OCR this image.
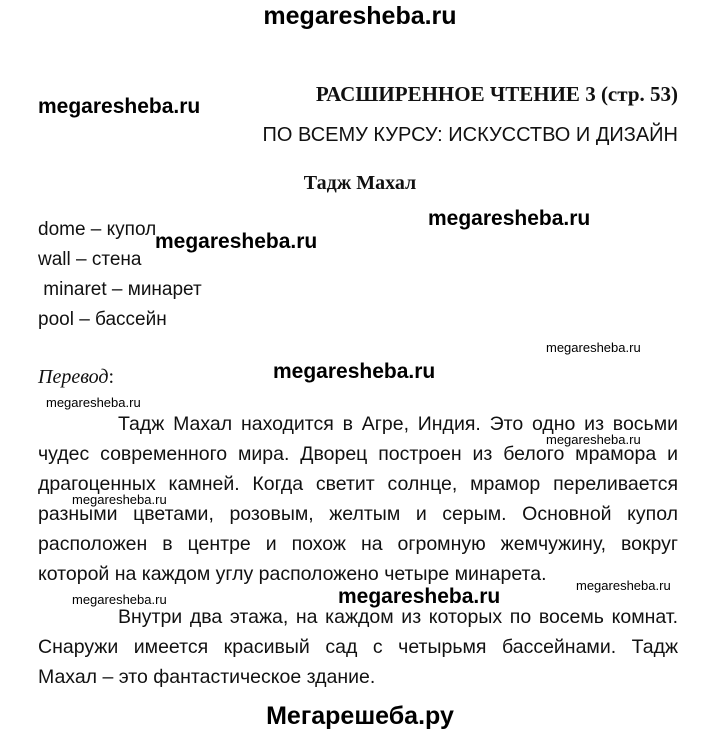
megaresheba.ru
РАСШИРЕННОЕ ЧТЕНИЕ 3 (стр. 53)
ПО ВСЕМУ КУРСУ: ИСКУССТВО И ДИЗАЙН
Тадж Махал
dome – купол
wall – стена
minaret – минарет
pool – бассейн
Перевод:
Тадж Махал находится в Агре, Индия. Это одно из восьми
чудес современного мира. Дворец построен из белого мрамора и
драгоценных камней. Когда светит солнце, мрамор переливается
разными цветами, розовым, желтым и серым. Основной купол
расположен в центре и похож на огромную жемчужину, вокруг
которой на каждом углу расположено четыре минарета.
Внутри два этажа, на каждом из которых по восемь комнат.
Снаружи имеется красивый сад с четырьмя бассейнами. Тадж
Махал – это фантастическое здание.
megaresheba.ru
megaresheba.ru
megaresheba.ru
megaresheba.ru
megaresheba.ru
megaresheba.ru
megaresheba.ru
megaresheba.ru
megaresheba.ru
megaresheba.ru
megaresheba.ru
Мегарешеба.ру
